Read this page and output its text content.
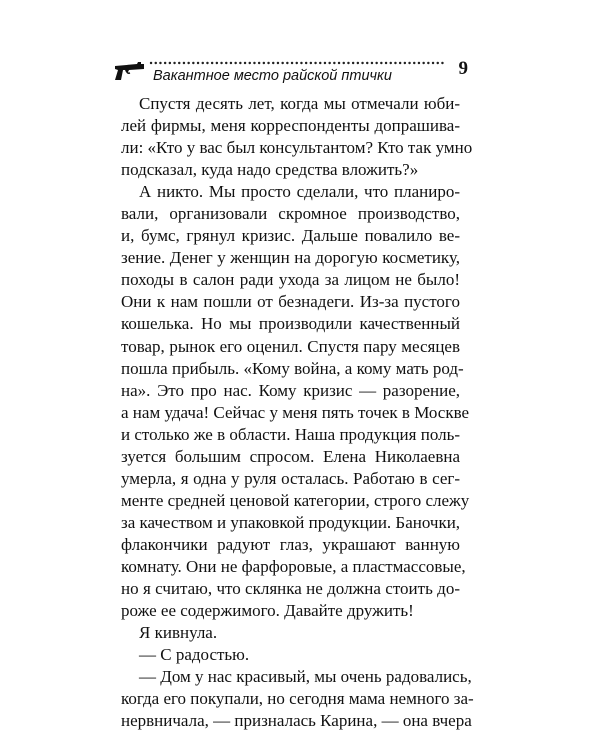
Вакантное место райской птички	9
Спустя десять лет, когда мы отмечали юби-
лей фирмы, меня корреспонденты допрашива-
ли: «Кто у вас был консультантом? Кто так умно
подсказал, куда надо средства вложить?»
А никто. Мы просто сделали, что планиро-
вали, организовали скромное производство,
и, бумс, грянул кризис. Дальше повалило ве-
зение. Денег у женщин на дорогую косметику,
походы в салон ради ухода за лицом не было!
Они к нам пошли от безнадеги. Из-за пустого
кошелька. Но мы производили качественный
товар, рынок его оценил. Спустя пару месяцев
пошла прибыль. «Кому война, а кому мать род-
на». Это про нас. Кому кризис — разорение,
а нам удача! Сейчас у меня пять точек в Москве
и столько же в области. Наша продукция поль-
зуется большим спросом. Елена Николаевна
умерла, я одна у руля осталась. Работаю в сег-
менте средней ценовой категории, строго слежу
за качеством и упаковкой продукции. Баночки,
флакончики радуют глаз, украшают ванную
комнату. Они не фарфоровые, а пластмассовые,
но я считаю, что склянка не должна стоить до-
роже ее содержимого. Давайте дружить!
Я кивнула.
— С радостью.
— Дом у нас красивый, мы очень радовались,
когда его покупали, но сегодня мама немного за-
нервничала, — призналась Карина, — она вчера
